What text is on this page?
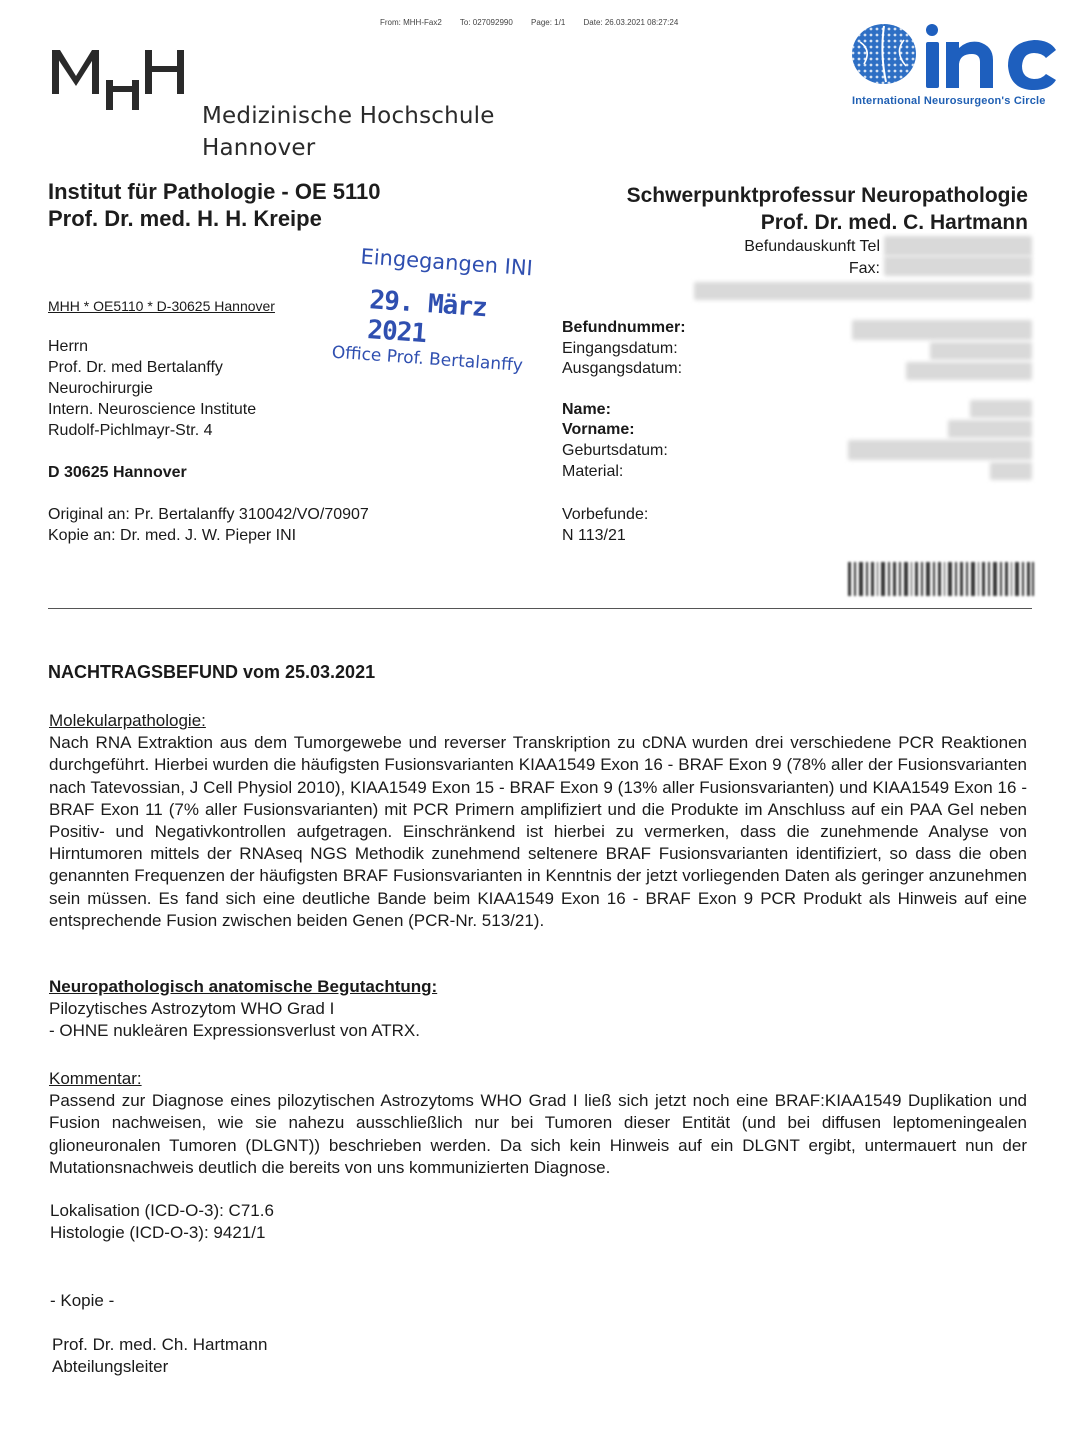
From: MHH-Fax2 To: 027092990 Page: 1/1 Date: 26.03.2021 08:27:24
Medizinische Hochschule
Hannover
International Neurosurgeon's Circle
Institut für Pathologie - OE 5110
Prof. Dr. med. H. H. Kreipe
Schwerpunktprofessur Neuropathologie
Prof. Dr. med. C. Hartmann
Befundauskunft Tel
Fax:
Eingegangen INI
29. März 2021
Office Prof. Bertalanffy
MHH * OE5110 * D-30625 Hannover
Herrn
Prof. Dr. med Bertalanffy
Neurochirurgie
Intern. Neuroscience Institute
Rudolf-Pichlmayr-Str. 4
D 30625 Hannover
Original an: Pr. Bertalanffy 310042/VO/70907
Kopie an: Dr. med. J. W. Pieper INI
Befundnummer:
Eingangsdatum:
Ausgangsdatum:
Name:
Vorname:
Geburtsdatum:
Material:
Vorbefunde:
N 113/21
NACHTRAGSBEFUND vom 25.03.2021
Molekularpathologie:
Nach RNA Extraktion aus dem Tumorgewebe und reverser Transkription zu cDNA wurden drei verschiedene PCR Reaktionen durchgeführt. Hierbei wurden die häufigsten Fusionsvarianten KIAA1549 Exon 16 - BRAF Exon 9 (78% aller der Fusionsvarianten nach Tatevossian, J Cell Physiol 2010), KIAA1549 Exon 15 - BRAF Exon 9 (13% aller Fusionsvarianten) und KIAA1549 Exon 16 - BRAF Exon 11 (7% aller Fusionsvarianten) mit PCR Primern amplifiziert und die Produkte im Anschluss auf ein PAA Gel neben Positiv- und Negativkontrollen aufgetragen. Einschränkend ist hierbei zu vermerken, dass die zunehmende Analyse von Hirntumoren mittels der RNAseq NGS Methodik zunehmend seltenere BRAF Fusionsvarianten identifiziert, so dass die oben genannten Frequenzen der häufigsten BRAF Fusionsvarianten in Kenntnis der jetzt vorliegenden Daten als geringer anzunehmen sein müssen. Es fand sich eine deutliche Bande beim KIAA1549 Exon 16 - BRAF Exon 9 PCR Produkt als Hinweis auf eine entsprechende Fusion zwischen beiden Genen (PCR-Nr. 513/21).
Neuropathologisch anatomische Begutachtung:
Pilozytisches Astrozytom WHO Grad I
- OHNE nukleären Expressionsverlust von ATRX.
Kommentar:
Passend zur Diagnose eines pilozytischen Astrozytoms WHO Grad I ließ sich jetzt noch eine BRAF:KIAA1549 Duplikation und Fusion nachweisen, wie sie nahezu ausschließlich nur bei Tumoren dieser Entität (und bei diffusen leptomeningealen glioneuronalen Tumoren (DLGNT)) beschrieben werden. Da sich kein Hinweis auf ein DLGNT ergibt, untermauert nun der Mutationsnachweis deutlich die bereits von uns kommunizierten Diagnose.
Lokalisation (ICD-O-3): C71.6
Histologie (ICD-O-3): 9421/1
- Kopie -
Prof. Dr. med. Ch. Hartmann
Abteilungsleiter
